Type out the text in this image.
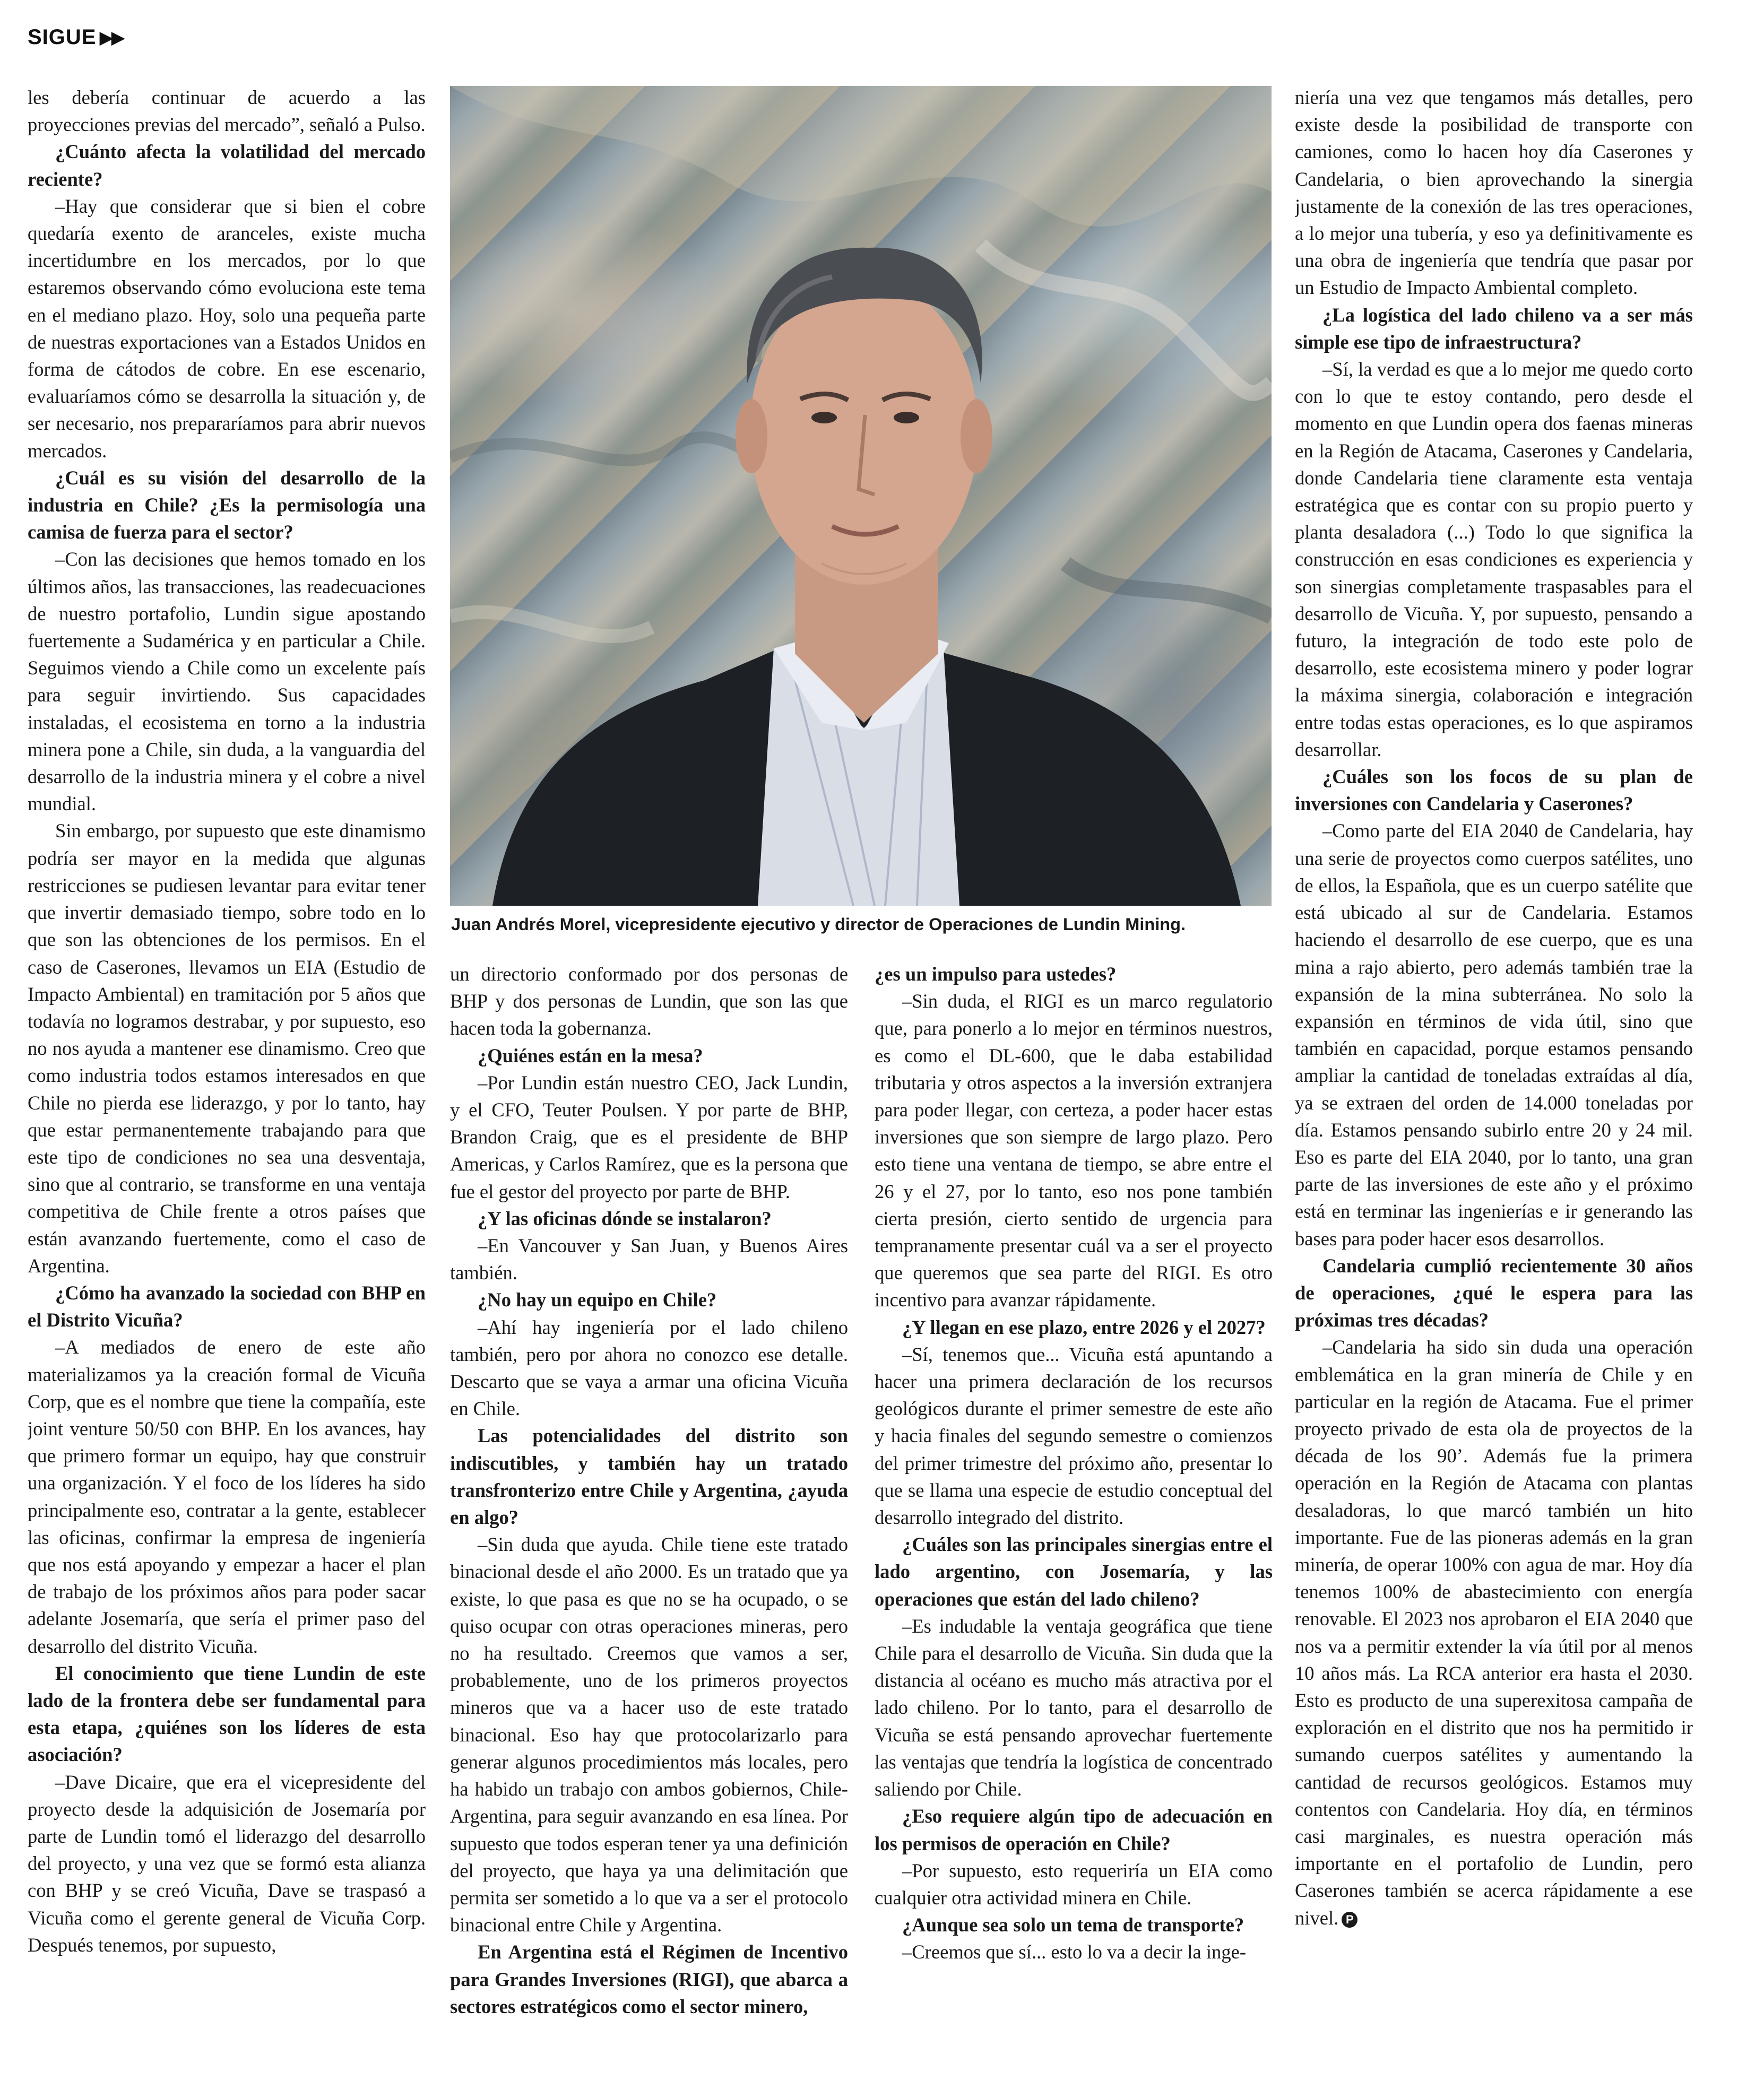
SIGUE ▶▶

les debería continuar de acuerdo a las proyecciones previas del mercado”, señaló a Pulso.

¿Cuánto afecta la volatilidad del mercado reciente?

–Hay que considerar que si bien el cobre quedaría exento de aranceles, existe mucha incertidumbre en los mercados, por lo que estaremos observando cómo evoluciona este tema en el mediano plazo. Hoy, solo una pequeña parte de nuestras exportaciones van a Estados Unidos en forma de cátodos de cobre. En ese escenario, evaluaríamos cómo se desarrolla la situación y, de ser necesario, nos prepararíamos para abrir nuevos mercados.

¿Cuál es su visión del desarrollo de la industria en Chile? ¿Es la permisología una camisa de fuerza para el sector?

–Con las decisiones que hemos tomado en los últimos años, las transacciones, las readecuaciones de nuestro portafolio, Lundin sigue apostando fuertemente a Sudamérica y en particular a Chile. Seguimos viendo a Chile como un excelente país para seguir invirtiendo. Sus capacidades instaladas, el ecosistema en torno a la industria minera pone a Chile, sin duda, a la vanguardia del desarrollo de la industria minera y el cobre a nivel mundial.

Sin embargo, por supuesto que este dinamismo podría ser mayor en la medida que algunas restricciones se pudiesen levantar para evitar tener que invertir demasiado tiempo, sobre todo en lo que son las obtenciones de los permisos. En el caso de Caserones, llevamos un EIA (Estudio de Impacto Ambiental) en tramitación por 5 años que todavía no logramos destrabar, y por supuesto, eso no nos ayuda a mantener ese dinamismo. Creo que como industria todos estamos interesados en que Chile no pierda ese liderazgo, y por lo tanto, hay que estar permanentemente trabajando para que este tipo de condiciones no sea una desventaja, sino que al contrario, se transforme en una ventaja competitiva de Chile frente a otros países que están avanzando fuertemente, como el caso de Argentina.

¿Cómo ha avanzado la sociedad con BHP en el Distrito Vicuña?

–A mediados de enero de este año materializamos ya la creación formal de Vicuña Corp, que es el nombre que tiene la compañía, este joint venture 50/50 con BHP. En los avances, hay que primero formar un equipo, hay que construir una organización. Y el foco de los líderes ha sido principalmente eso, contratar a la gente, establecer las oficinas, confirmar la empresa de ingeniería que nos está apoyando y empezar a hacer el plan de trabajo de los próximos años para poder sacar adelante Josemaría, que sería el primer paso del desarrollo del distrito Vicuña.

El conocimiento que tiene Lundin de este lado de la frontera debe ser fundamental para esta etapa, ¿quiénes son los líderes de esta asociación?

–Dave Dicaire, que era el vicepresidente del proyecto desde la adquisición de Josemaría por parte de Lundin tomó el liderazgo del desarrollo del proyecto, y una vez que se formó esta alianza con BHP y se creó Vicuña, Dave se traspasó a Vicuña como el gerente general de Vicuña Corp. Después tenemos, por supuesto,

Juan Andrés Morel, vicepresidente ejecutivo y director de Operaciones de Lundin Mining.

un directorio conformado por dos personas de BHP y dos personas de Lundin, que son las que hacen toda la gobernanza.

¿Quiénes están en la mesa?

–Por Lundin están nuestro CEO, Jack Lundin, y el CFO, Teuter Poulsen. Y por parte de BHP, Brandon Craig, que es el presidente de BHP Americas, y Carlos Ramírez, que es la persona que fue el gestor del proyecto por parte de BHP.

¿Y las oficinas dónde se instalaron?

–En Vancouver y San Juan, y Buenos Aires también.

¿No hay un equipo en Chile?

–Ahí hay ingeniería por el lado chileno también, pero por ahora no conozco ese detalle. Descarto que se vaya a armar una oficina Vicuña en Chile.

Las potencialidades del distrito son indiscutibles, y también hay un tratado transfronterizo entre Chile y Argentina, ¿ayuda en algo?

–Sin duda que ayuda. Chile tiene este tratado binacional desde el año 2000. Es un tratado que ya existe, lo que pasa es que no se ha ocupado, o se quiso ocupar con otras operaciones mineras, pero no ha resultado. Creemos que vamos a ser, probablemente, uno de los primeros proyectos mineros que va a hacer uso de este tratado binacional. Eso hay que protocolarizarlo para generar algunos procedimientos más locales, pero ha habido un trabajo con ambos gobiernos, Chile-Argentina, para seguir avanzando en esa línea. Por supuesto que todos esperan tener ya una definición del proyecto, que haya ya una delimitación que permita ser sometido a lo que va a ser el protocolo binacional entre Chile y Argentina.

En Argentina está el Régimen de Incentivo para Grandes Inversiones (RIGI), que abarca a sectores estratégicos como el sector minero,

¿es un impulso para ustedes?

–Sin duda, el RIGI es un marco regulatorio que, para ponerlo a lo mejor en términos nuestros, es como el DL-600, que le daba estabilidad tributaria y otros aspectos a la inversión extranjera para poder llegar, con certeza, a poder hacer estas inversiones que son siempre de largo plazo. Pero esto tiene una ventana de tiempo, se abre entre el 26 y el 27, por lo tanto, eso nos pone también cierta presión, cierto sentido de urgencia para tempranamente presentar cuál va a ser el proyecto que queremos que sea parte del RIGI. Es otro incentivo para avanzar rápidamente.

¿Y llegan en ese plazo, entre 2026 y el 2027?

–Sí, tenemos que... Vicuña está apuntando a hacer una primera declaración de los recursos geológicos durante el primer semestre de este año y hacia finales del segundo semestre o comienzos del primer trimestre del próximo año, presentar lo que se llama una especie de estudio conceptual del desarrollo integrado del distrito.

¿Cuáles son las principales sinergias entre el lado argentino, con Josemaría, y las operaciones que están del lado chileno?

–Es indudable la ventaja geográfica que tiene Chile para el desarrollo de Vicuña. Sin duda que la distancia al océano es mucho más atractiva por el lado chileno. Por lo tanto, para el desarrollo de Vicuña se está pensando aprovechar fuertemente las ventajas que tendría la logística de concentrado saliendo por Chile.

¿Eso requiere algún tipo de adecuación en los permisos de operación en Chile?

–Por supuesto, esto requeriría un EIA como cualquier otra actividad minera en Chile.

¿Aunque sea solo un tema de transporte?

–Creemos que sí... esto lo va a decir la inge-

niería una vez que tengamos más detalles, pero existe desde la posibilidad de transporte con camiones, como lo hacen hoy día Caserones y Candelaria, o bien aprovechando la sinergia justamente de la conexión de las tres operaciones, a lo mejor una tubería, y eso ya definitivamente es una obra de ingeniería que tendría que pasar por un Estudio de Impacto Ambiental completo.

¿La logística del lado chileno va a ser más simple ese tipo de infraestructura?

–Sí, la verdad es que a lo mejor me quedo corto con lo que te estoy contando, pero desde el momento en que Lundin opera dos faenas mineras en la Región de Atacama, Caserones y Candelaria, donde Candelaria tiene claramente esta ventaja estratégica que es contar con su propio puerto y planta desaladora (...) Todo lo que significa la construcción en esas condiciones es experiencia y son sinergias completamente traspasables para el desarrollo de Vicuña. Y, por supuesto, pensando a futuro, la integración de todo este polo de desarrollo, este ecosistema minero y poder lograr la máxima sinergia, colaboración e integración entre todas estas operaciones, es lo que aspiramos desarrollar.

¿Cuáles son los focos de su plan de inversiones con Candelaria y Caserones?

–Como parte del EIA 2040 de Candelaria, hay una serie de proyectos como cuerpos satélites, uno de ellos, la Española, que es un cuerpo satélite que está ubicado al sur de Candelaria. Estamos haciendo el desarrollo de ese cuerpo, que es una mina a rajo abierto, pero además también trae la expansión de la mina subterránea. No solo la expansión en términos de vida útil, sino que también en capacidad, porque estamos pensando ampliar la cantidad de toneladas extraídas al día, ya se extraen del orden de 14.000 toneladas por día. Estamos pensando subirlo entre 20 y 24 mil. Eso es parte del EIA 2040, por lo tanto, una gran parte de las inversiones de este año y el próximo está en terminar las ingenierías e ir generando las bases para poder hacer esos desarrollos.

Candelaria cumplió recientemente 30 años de operaciones, ¿qué le espera para las próximas tres décadas?

–Candelaria ha sido sin duda una operación emblemática en la gran minería de Chile y en particular en la región de Atacama. Fue el primer proyecto privado de esta ola de proyectos de la década de los 90’. Además fue la primera operación en la Región de Atacama con plantas desaladoras, lo que marcó también un hito importante. Fue de las pioneras además en la gran minería, de operar 100% con agua de mar. Hoy día tenemos 100% de abastecimiento con energía renovable. El 2023 nos aprobaron el EIA 2040 que nos va a permitir extender la vía útil por al menos 10 años más. La RCA anterior era hasta el 2030. Esto es producto de una superexitosa campaña de exploración en el distrito que nos ha permitido ir sumando cuerpos satélites y aumentando la cantidad de recursos geológicos. Estamos muy contentos con Candelaria. Hoy día, en términos casi marginales, es nuestra operación más importante en el portafolio de Lundin, pero Caserones también se acerca rápidamente a ese nivel. P
